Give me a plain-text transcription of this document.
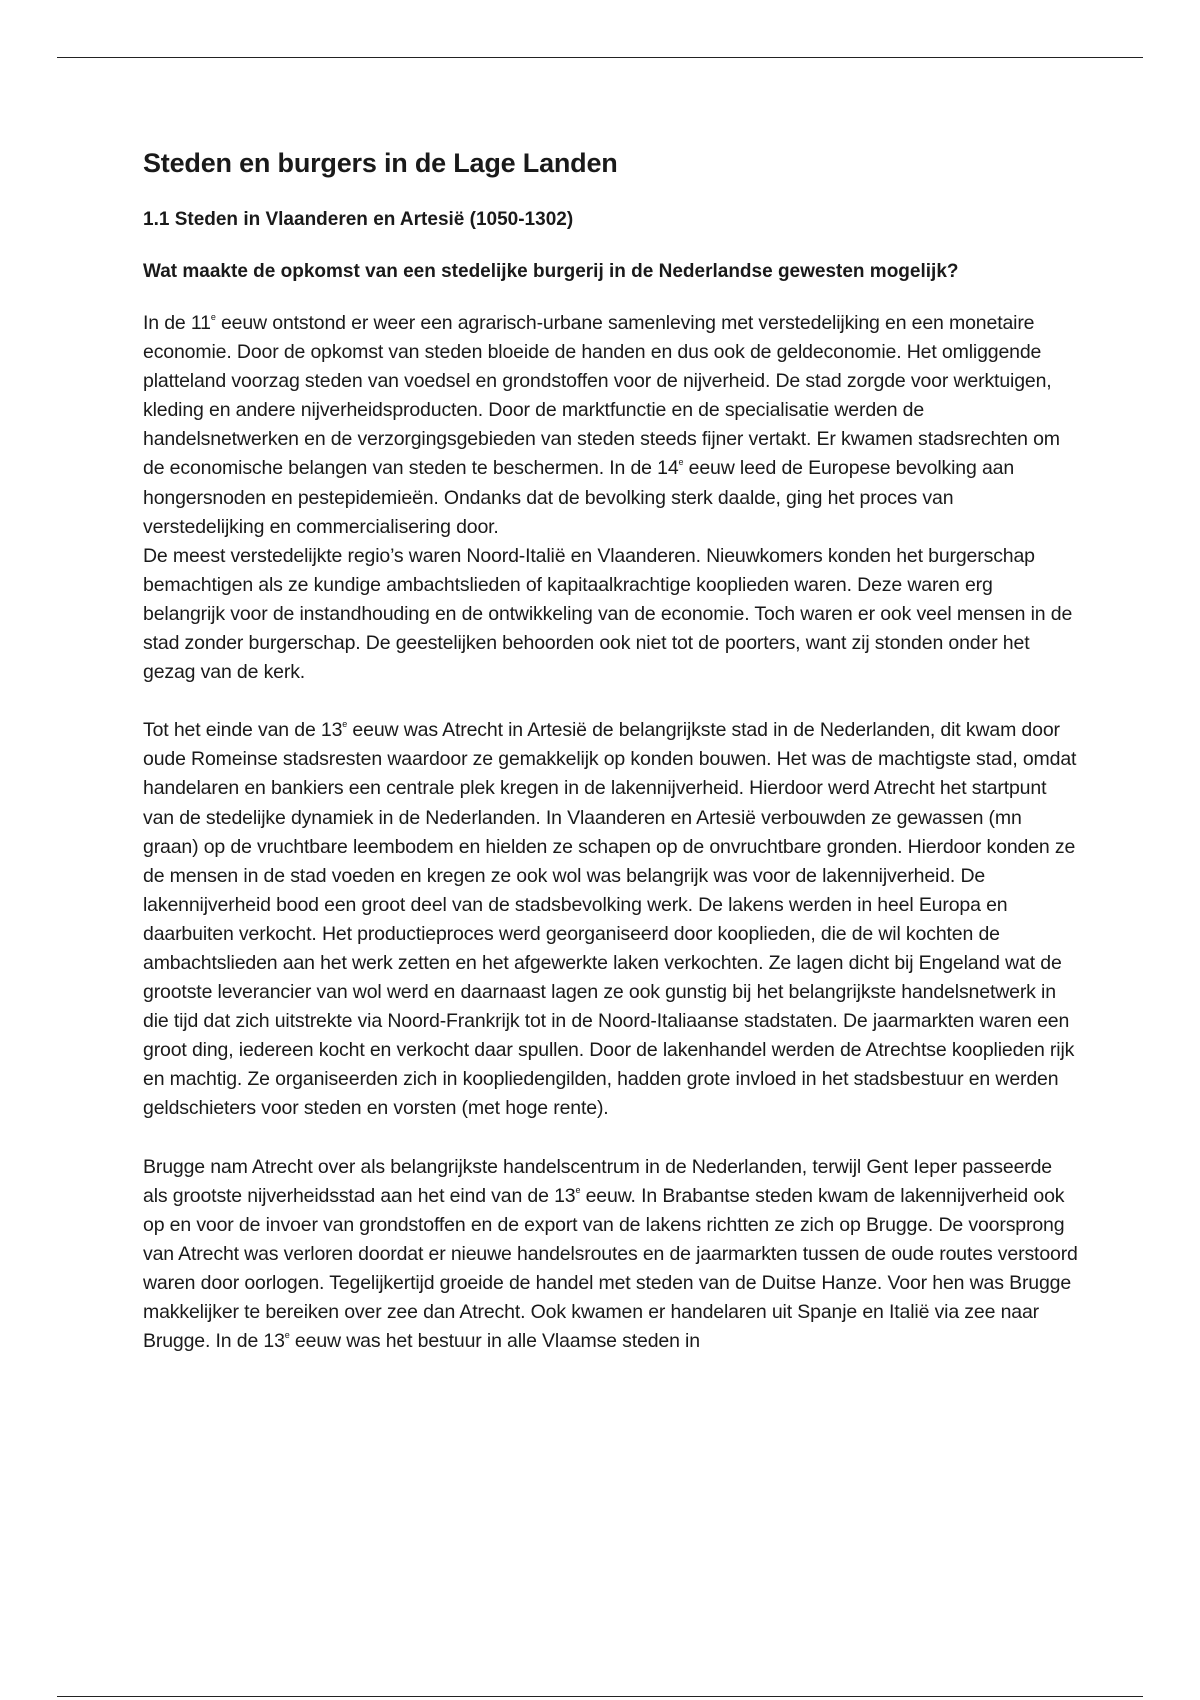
Steden en burgers in de Lage Landen
1.1 Steden in Vlaanderen en Artesië (1050-1302)
Wat maakte de opkomst van een stedelijke burgerij in de Nederlandse gewesten mogelijk?

In de 11e eeuw ontstond er weer een agrarisch-urbane samenleving met verstedelijking en een monetaire economie. Door de opkomst van steden bloeide de handen en dus ook de geldeconomie. Het omliggende platteland voorzag steden van voedsel en grondstoffen voor de nijverheid. De stad zorgde voor werktuigen, kleding en andere nijverheidsproducten. Door de marktfunctie en de specialisatie werden de handelsnetwerken en de verzorgingsgebieden van steden steeds fijner vertakt. Er kwamen stadsrechten om de economische belangen van steden te beschermen. In de 14e eeuw leed de Europese bevolking aan hongersnoden en pestepidemieën. Ondanks dat de bevolking sterk daalde, ging het proces van verstedelijking en commercialisering door.

De meest verstedelijkte regio’s waren Noord-Italië en Vlaanderen. Nieuwkomers konden het burgerschap bemachtigen als ze kundige ambachtslieden of kapitaalkrachtige kooplieden waren. Deze waren erg belangrijk voor de instandhouding en de ontwikkeling van de economie. Toch waren er ook veel mensen in de stad zonder burgerschap. De geestelijken behoorden ook niet tot de poorters, want zij stonden onder het gezag van de kerk.

Tot het einde van de 13e eeuw was Atrecht in Artesië de belangrijkste stad in de Nederlanden, dit kwam door oude Romeinse stadsresten waardoor ze gemakkelijk op konden bouwen. Het was de machtigste stad, omdat handelaren en bankiers een centrale plek kregen in de lakennijverheid. Hierdoor werd Atrecht het startpunt van de stedelijke dynamiek in de Nederlanden. In Vlaanderen en Artesië verbouwden ze gewassen (mn graan) op de vruchtbare leembodem en hielden ze schapen op de onvruchtbare gronden. Hierdoor konden ze de mensen in de stad voeden en kregen ze ook wol was belangrijk was voor de lakennijverheid. De lakennijverheid bood een groot deel van de stadsbevolking werk. De lakens werden in heel Europa en daarbuiten verkocht. Het productieproces werd georganiseerd door kooplieden, die de wil kochten de ambachtslieden aan het werk zetten en het afgewerkte laken verkochten. Ze lagen dicht bij Engeland wat de grootste leverancier van wol werd en daarnaast lagen ze ook gunstig bij het belangrijkste handelsnetwerk in die tijd dat zich uitstrekte via Noord-Frankrijk tot in de Noord-Italiaanse stadstaten. De jaarmarkten waren een groot ding, iedereen kocht en verkocht daar spullen. Door de lakenhandel werden de Atrechtse kooplieden rijk en machtig. Ze organiseerden zich in koopliedengilden, hadden grote invloed in het stadsbestuur en werden geldschieters voor steden en vorsten (met hoge rente).

Brugge nam Atrecht over als belangrijkste handelscentrum in de Nederlanden, terwijl Gent Ieper passeerde als grootste nijverheidsstad aan het eind van de 13e eeuw. In Brabantse steden kwam de lakennijverheid ook op en voor de invoer van grondstoffen en de export van de lakens richtten ze zich op Brugge. De voorsprong van Atrecht was verloren doordat er nieuwe handelsroutes en de jaarmarkten tussen de oude routes verstoord waren door oorlogen. Tegelijkertijd groeide de handel met steden van de Duitse Hanze. Voor hen was Brugge makkelijker te bereiken over zee dan Atrecht. Ook kwamen er handelaren uit Spanje en Italië via zee naar Brugge. In de 13e eeuw was het bestuur in alle Vlaamse steden in
